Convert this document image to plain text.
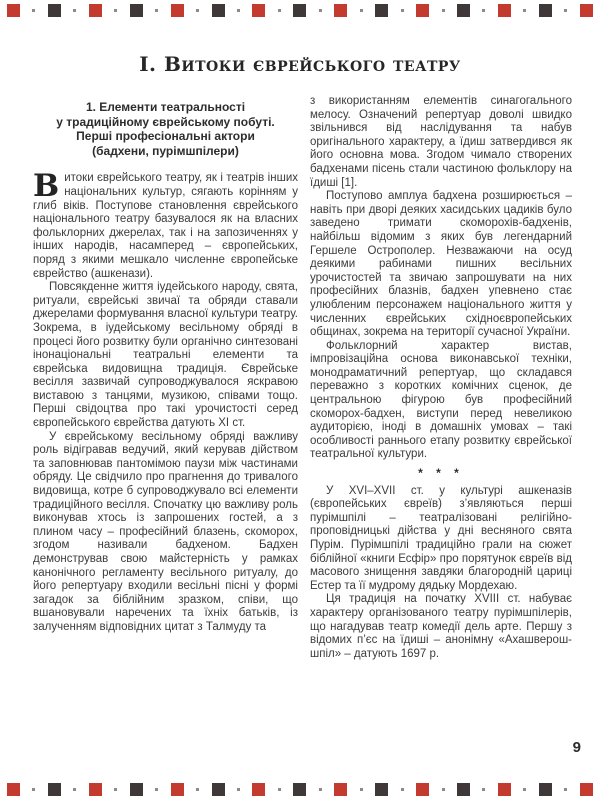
І. Витоки єврейського театру
1. Елементи театральності
у традиційному єврейському побуті.
Перші професіональні актори
(бадхени, пурімшпілери)

Витоки єврейського театру, як і театрів інших національних культур, сягають корінням у глиб віків. Поступове становлення єврейського національного театру базувалося як на власних фольклорних джерелах, так і на запозиченнях у інших народів, насамперед – європейських, поряд з якими мешкало численне європейське єврейство (ашкенази).

Повсякденне життя іудейського народу, свята, ритуали, єврейські звичаї та обряди ставали джерелами формування власної культури театру. Зокрема, в іудейському весільному обряді в процесі його розвитку були органічно синтезовані інонаціональні театральні елементи та єврейська видовищна традиція. Єврейське весілля зазвичай супроводжувалося яскравою виставою з танцями, музикою, співами тощо. Перші свідоцтва про такі урочистості серед європейського єврейства датують ХІ ст.

У єврейському весільному обряді важливу роль відігравав ведучий, який керував дійством та заповнював пантомімою паузи між частинами обряду. Це свідчило про прагнення до тривалого видовища, котре б супроводжувало всі елементи традиційного весілля. Спочатку цю важливу роль виконував хтось із запрошених гостей, а з плином часу – професійний блазень, скоморох, згодом називали бадхеном. Бадхен демонстрував свою майстерність у рамках канонічного регламенту весільного ритуалу, до його репертуару входили весільні пісні у формі загадок за біблійним зразком, співи, що вшановували наречених та їхніх батьків, із залученням відповідних цитат з Талмуду та

з використанням елементів синагогального мелосу. Означений репертуар доволі швидко звільнився від наслідування та набув оригінального характеру, а їдиш затвердився як його основна мова. Згодом чимало створених бадхенами пісень стали частиною фольклору на їдиші [1].

Поступово амплуа бадхена розширюється – навіть при дворі деяких хасидських цадиків було заведено тримати скоморохів-бадхенів, найбільш відомим з яких був легендарний Гершеле Острополер. Незважаючи на осуд деякими рабинами пишних весільних урочистостей та звичаю запрошувати на них професійних блазнів, бадхен упевнено стає улюбленим персонажем національного життя у численних єврейських східноєвропейських общинах, зокрема на території сучасної України.

Фольклорний характер вистав, імпровізаційна основа виконавської техніки, монодраматичний репертуар, що складався переважно з коротких комічних сценок, де центральною фігурою був професійний скоморох-бадхен, виступи перед невеликою аудиторією, іноді в домашніх умовах – такі особливості раннього етапу розвитку єврейської театральної культури.

* * *

У XVI–XVII ст. у культурі ашкеназів (європейських євреїв) з’являються перші пурімшпілі – театралізовані релігійно-проповідницькі дійства у дні весняного свята Пурім. Пурімшпілі традиційно грали на сюжет біблійної «книги Есфір» про порятунок євреїв від масового знищення завдяки благородній цариці Естер та її мудрому дядьку Мордехаю.

Ця традиція на початку XVIII ст. набуває характеру організованого театру пурімшпілерів, що нагадував театр комедії дель арте. Першу з відомих п’єс на їдиші – анонімну «Ахашверош-шпіл» – датують 1697 р.

9
